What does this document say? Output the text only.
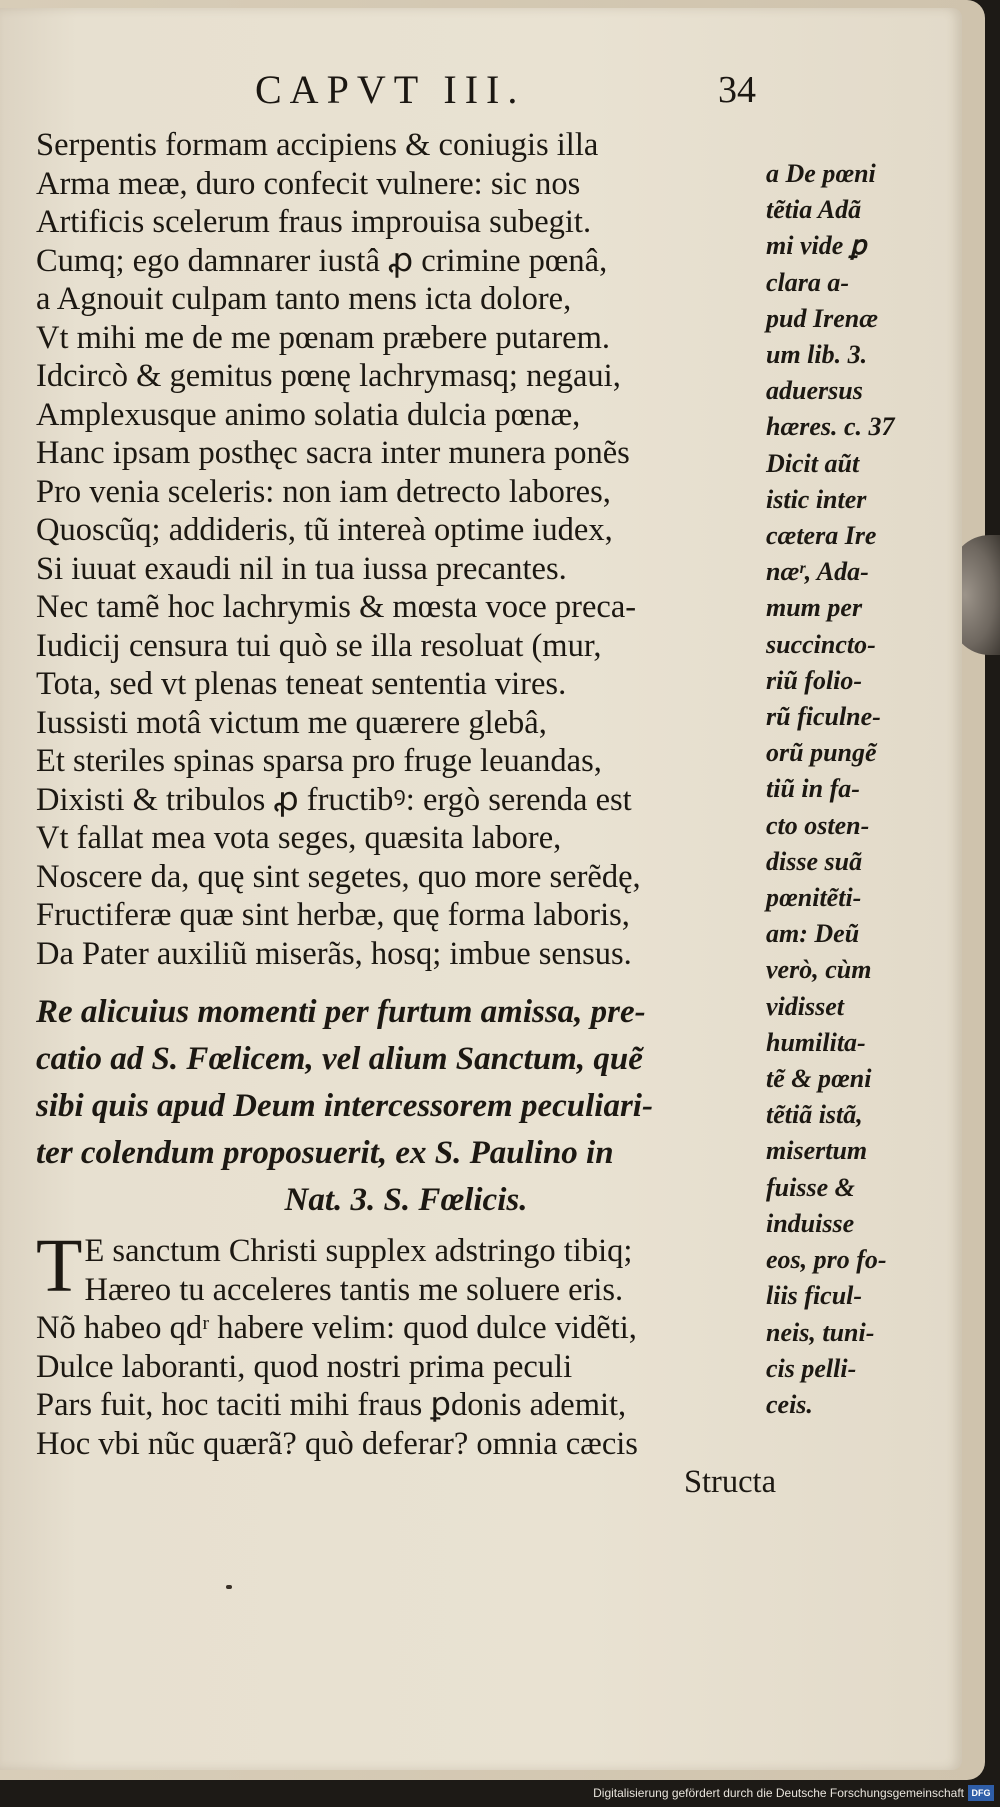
CAPVT III.	34
Serpentis formam accipiens & coniugis illa
Arma meæ, duro confecit vulnere: sic nos
Artificis scelerum fraus improuisa subegit.
Cumq; ego damnarer iustâ ꝓ crimine pœnâ,
a Agnouit culpam tanto mens icta dolore,
Vt mihi me de me pœnam præbere putarem.
Idcircò & gemitus pœnę lachrymasq; negaui,
Amplexusque animo solatia dulcia pœnæ,
Hanc ipsam posthęc sacra inter munera ponẽs
Pro venia sceleris: non iam detrecto labores,
Quoscũq; addideris, tũ intereà optime iudex,
Si iuuat exaudi nil in tua iussa precantes.
Nec tamẽ hoc lachrymis & mœsta voce preca-
Iudicij censura tui quò se illa resoluat (mur,
Tota, sed vt plenas teneat sententia vires.
Iussisti motâ victum me quærere glebâ,
Et steriles spinas sparsa pro fruge leuandas,
Dixisti & tribulos ꝓ fructibꝰ: ergò serenda est
Vt fallat mea vota seges, quæsita labore,
Noscere da, quę sint segetes, quo more serẽdę,
Fructiferæ quæ sint herbæ, quę forma laboris,
Da Pater auxiliũ miserãs, hosq; imbue sensus.
Re alicuius momenti per furtum amissa, pre-
catio ad S. Fœlicem, vel alium Sanctum, quẽ
sibi quis apud Deum intercessorem peculiari-
ter colendum proposuerit, ex S. Paulino in
Nat. 3. S. Fœlicis.
T E sanctum Christi supplex adstringo tibiq;
Hæreo tu acceleres tantis me soluere eris.
Nõ habeo qdʳ habere velim: quod dulce vidẽti,
Dulce laboranti, quod nostri prima peculi
Pars fuit, hoc taciti mihi fraus ꝑdonis ademit,
Hoc vbi nũc quærã? quò deferar? omnia cæcis
Structa
a De pœni
tẽtia Adã
mi vide ꝑ
clara a-
pud Irenæ
um lib. 3.
aduersus
hæres. c. 37
Dicit aũt
istic inter
cætera Ire
næʳ, Ada-
mum per
succincto-
riũ folio-
rũ ficulne-
orũ pungẽ
tiũ in fa-
cto osten-
disse suã
pœnitẽti-
am: Deũ
verò, cùm
vidisset
humilita-
tẽ & pœni
tẽtiã istã,
misertum
fuisse &
induisse
eos, pro fo-
liis ficul-
neis, tuni-
cis pelli-
ceis.
Digitalisierung gefördert durch die Deutsche Forschungsgemeinschaft DFG
